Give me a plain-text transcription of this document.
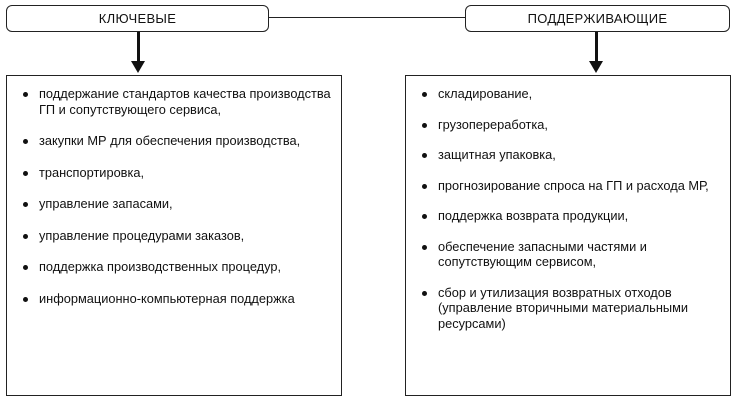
КЛЮЧЕВЫЕ	ПОДДЕРЖИВАЮЩИЕ
поддержание стандартов качества производства ГП и сопутствующего сервиса,
закупки МР для обеспечения производства,
транспортировка,
управление запасами,
управление процедурами заказов,
поддержка производственных процедур,
информационно-компьютерная поддержка
складирование,
грузопереработка,
защитная упаковка,
прогнозирование спроса на ГП и расхода МР,
поддержка возврата продукции,
обеспечение запасными частями и сопутствующим сервисом,
сбор и утилизация возвратных отходов (управление вторичными материальными ресурсами)
